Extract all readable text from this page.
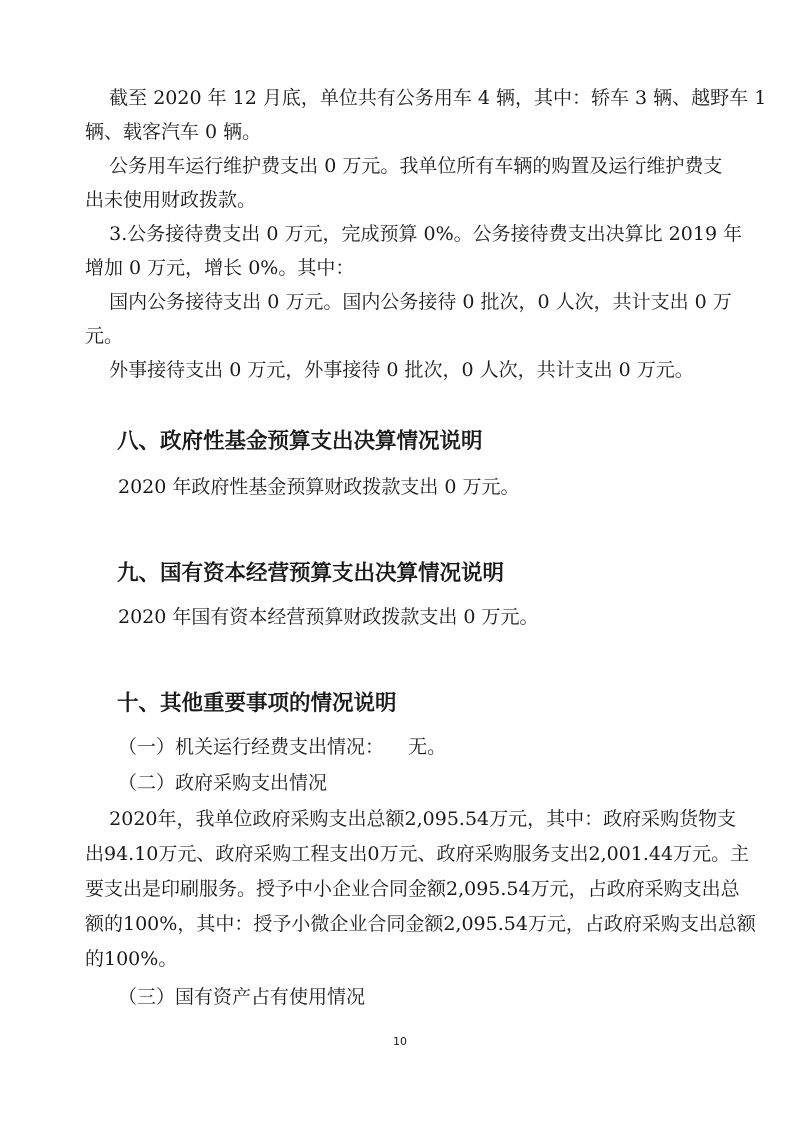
截至 2020 年 12 月底，单位共有公务用车 4 辆，其中：轿车 3 辆、越野车 1

辆、载客汽车 0 辆。

公务用车运行维护费支出 0 万元。我单位所有车辆的购置及运行维护费支

出未使用财政拨款。

3.公务接待费支出 0 万元，完成预算 0%。公务接待费支出决算比 2019 年

增加 0 万元，增长 0%。其中：

国内公务接待支出 0 万元。国内公务接待 0 批次，0 人次，共计支出 0 万

元。

外事接待支出 0 万元，外事接待 0 批次，0 人次，共计支出 0 万元。

八、政府性基金预算支出决算情况说明

2020 年政府性基金预算财政拨款支出 0 万元。

九、国有资本经营预算支出决算情况说明

2020 年国有资本经营预算财政拨款支出 0 万元。

十、其他重要事项的情况说明

（一）机关运行经费支出情况：    无。

（二）政府采购支出情况

2020年，我单位政府采购支出总额2,095.54万元，其中：政府采购货物支

出94.10万元、政府采购工程支出0万元、政府采购服务支出2,001.44万元。主

要支出是印刷服务。授予中小企业合同金额2,095.54万元，占政府采购支出总

额的100%，其中：授予小微企业合同金额2,095.54万元，占政府采购支出总额

的100%。

（三）国有资产占有使用情况

10
